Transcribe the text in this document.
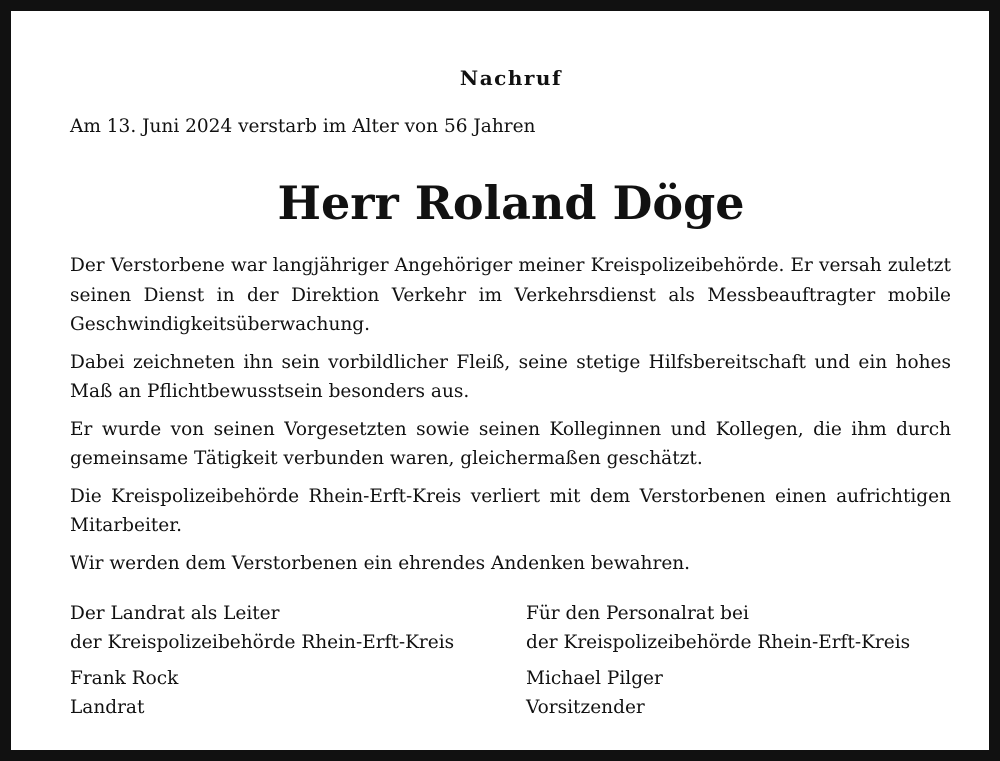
Nachruf
Am 13. Juni 2024 verstarb im Alter von 56 Jahren
Herr Roland Döge

Der Verstorbene war langjähriger Angehöriger meiner Kreispolizeibehörde. Er versah zuletzt seinen Dienst in der Direktion Verkehr im Verkehrsdienst als Messbeauftragter mobile Geschwindigkeitsüberwachung.

Dabei zeichneten ihn sein vorbildlicher Fleiß, seine stetige Hilfsbereitschaft und ein hohes Maß an Pflichtbewusstsein besonders aus.

Er wurde von seinen Vorgesetzten sowie seinen Kolleginnen und Kollegen, die ihm durch gemeinsame Tätigkeit verbunden waren, gleichermaßen geschätzt.

Die Kreispolizeibehörde Rhein-Erft-Kreis verliert mit dem Verstorbenen einen aufrichtigen Mitarbeiter.

Wir werden dem Verstorbenen ein ehrendes Andenken bewahren.

Der Landrat als Leiter
der Kreispolizeibehörde Rhein-Erft-Kreis
Frank Rock
Landrat
Für den Personalrat bei
der Kreispolizeibehörde Rhein-Erft-Kreis
Michael Pilger
Vorsitzender
